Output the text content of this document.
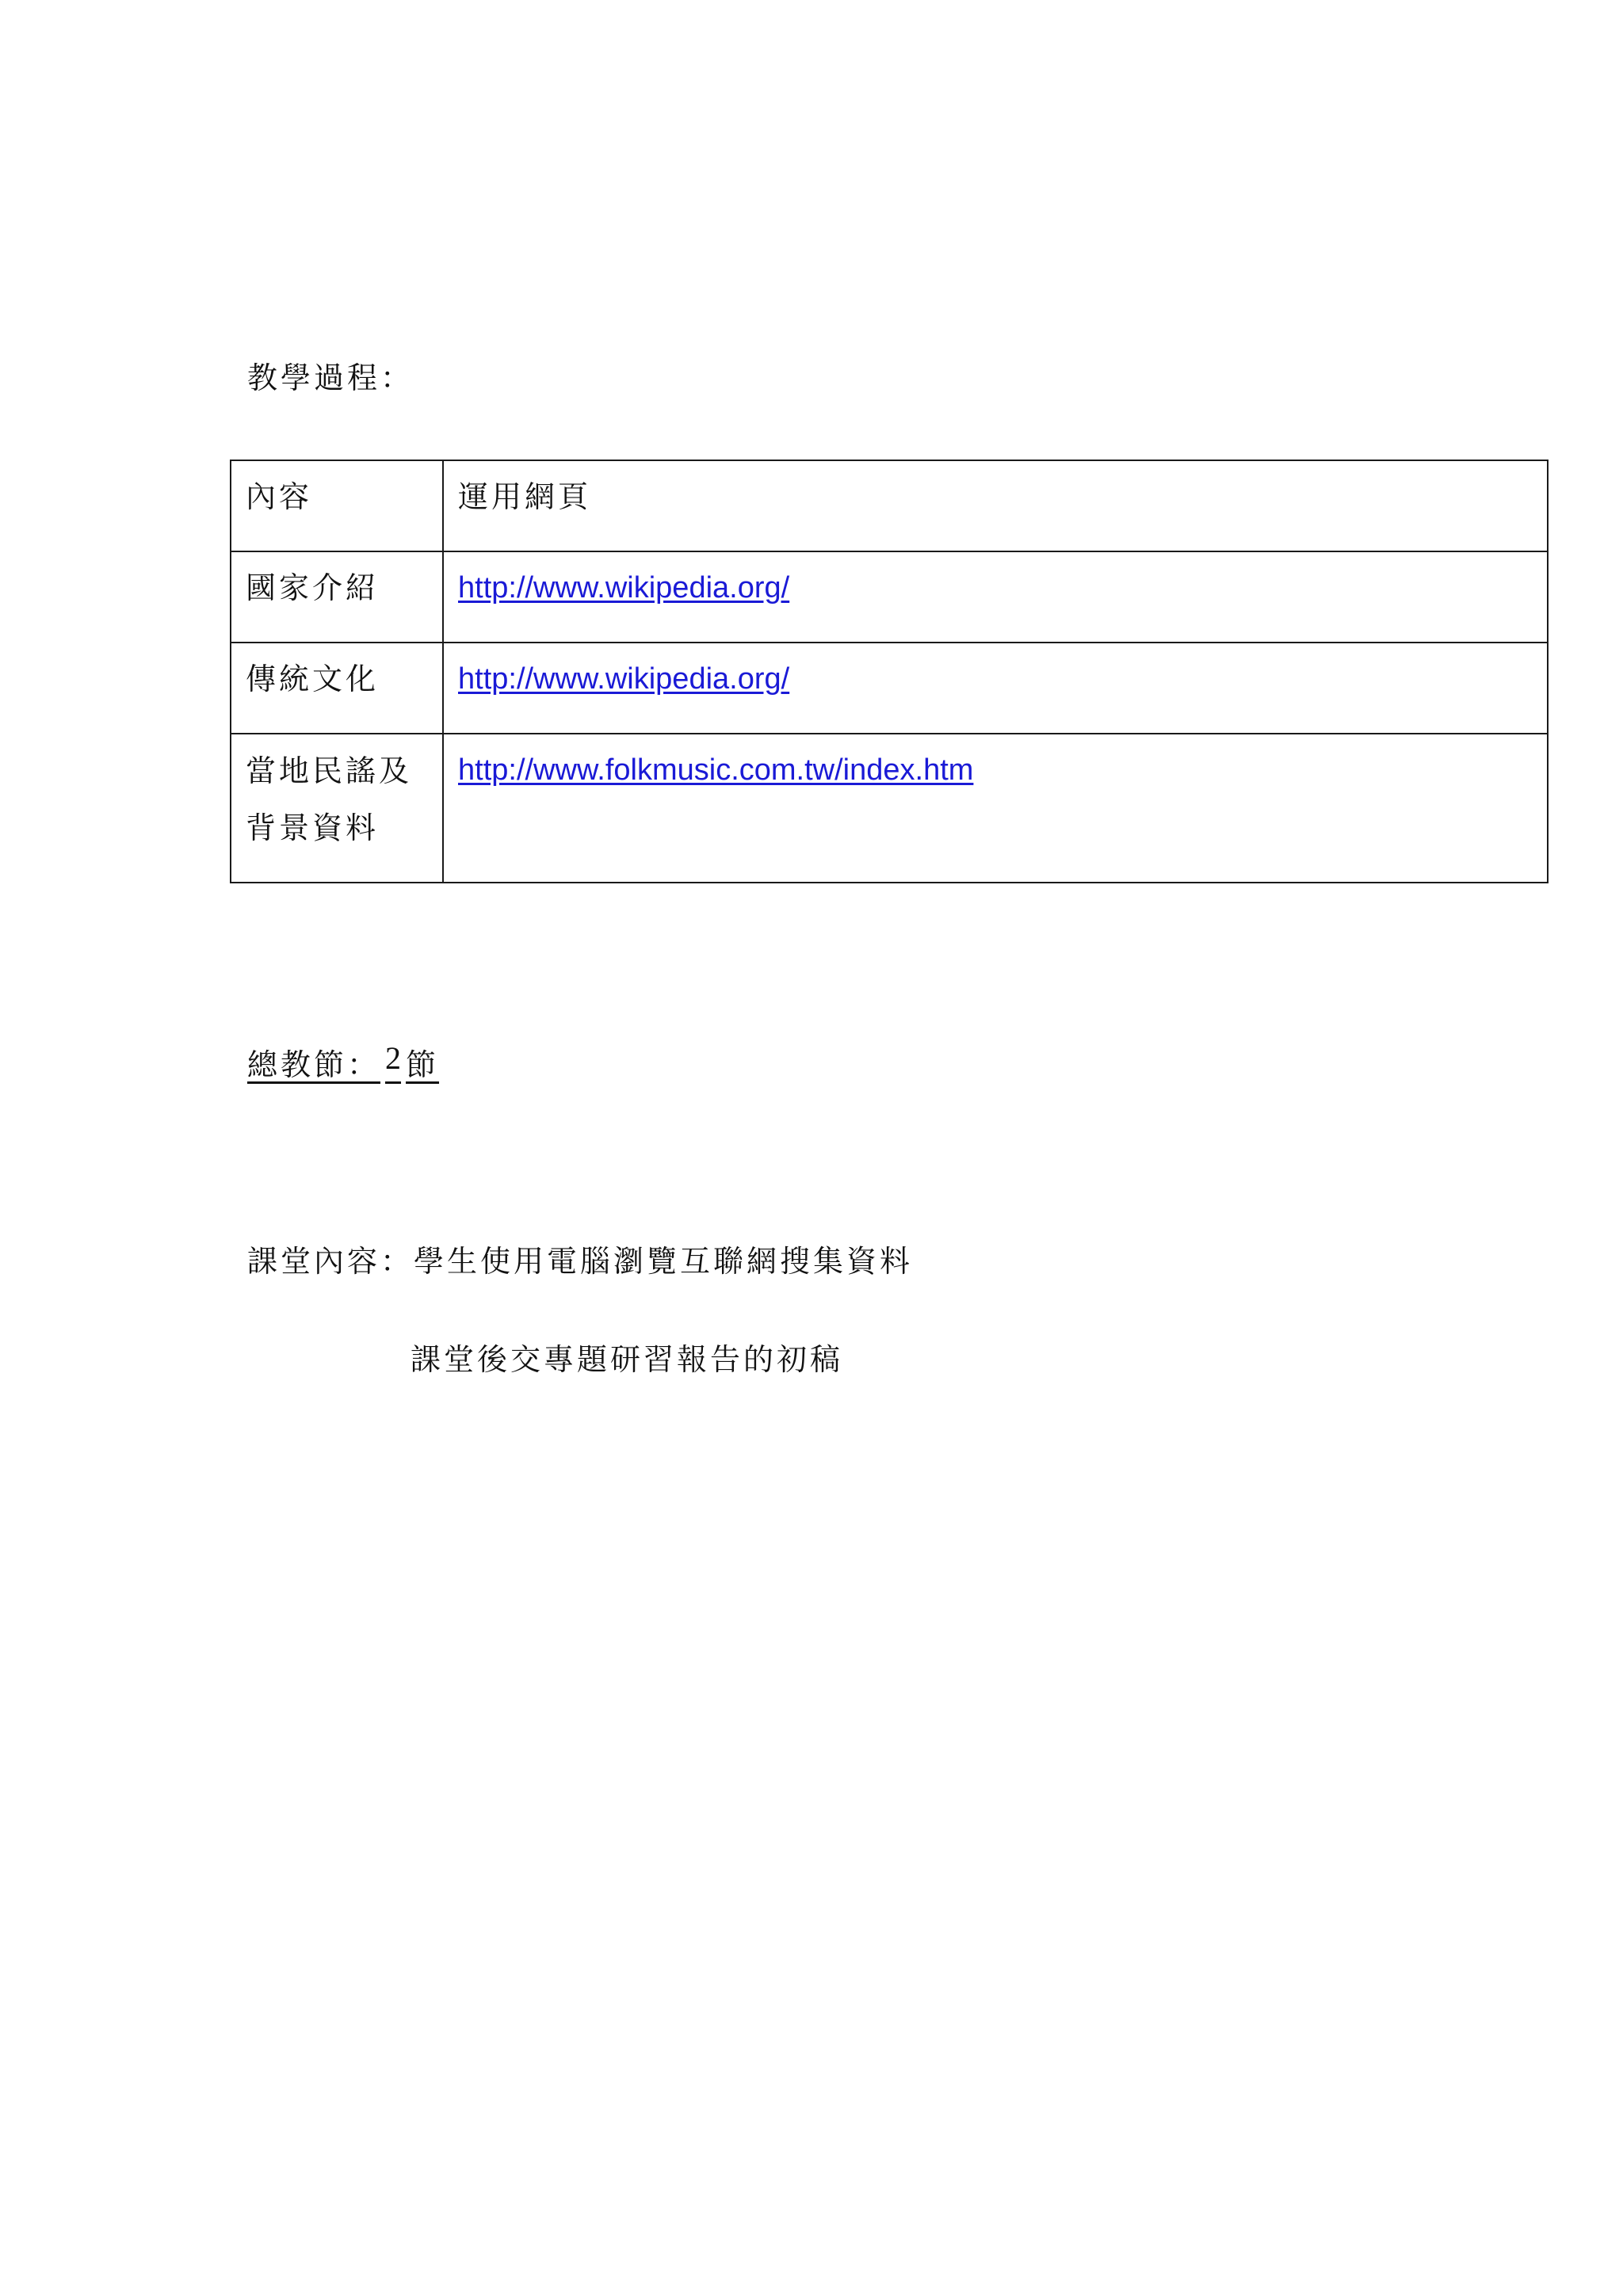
教學過程：
內容	運用網頁
國家介紹	http://www.wikipedia.org/
傳統文化	http://www.wikipedia.org/

當地民謠及
背景資料	http://www.folkmusic.com.tw/index.htm
總教節： 2 節
課堂內容：學生使用電腦瀏覽互聯網搜集資料
課堂後交專題研習報告的初稿
